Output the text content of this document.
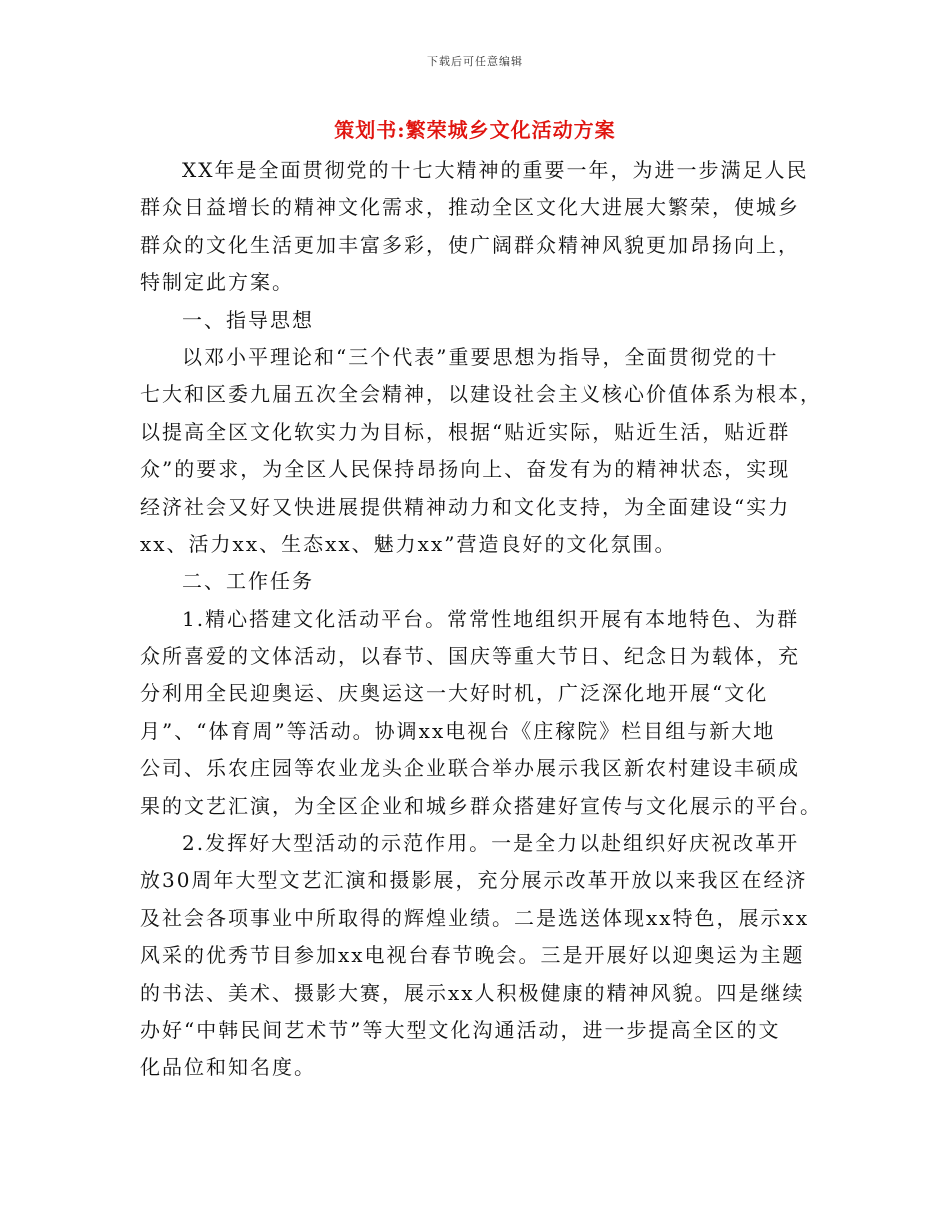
下载后可任意编辑
策划书:繁荣城乡文化活动方案
XX年是全面贯彻党的十七大精神的重要一年，为进一步满足人民
群众日益增长的精神文化需求，推动全区文化大进展大繁荣，使城乡
群众的文化生活更加丰富多彩，使广阔群众精神风貌更加昂扬向上，
特制定此方案。
一、指导思想
以邓小平理论和“三个代表”重要思想为指导，全面贯彻党的十
七大和区委九届五次全会精神，以建设社会主义核心价值体系为根本，
以提高全区文化软实力为目标，根据“贴近实际，贴近生活，贴近群
众”的要求，为全区人民保持昂扬向上、奋发有为的精神状态，实现
经济社会又好又快进展提供精神动力和文化支持，为全面建设“实力
xx、活力xx、生态xx、魅力xx”营造良好的文化氛围。
二、工作任务
1.精心搭建文化活动平台。常常性地组织开展有本地特色、为群
众所喜爱的文体活动，以春节、国庆等重大节日、纪念日为载体，充
分利用全民迎奥运、庆奥运这一大好时机，广泛深化地开展“文化
月”、“体育周”等活动。协调xx电视台《庄稼院》栏目组与新大地
公司、乐农庄园等农业龙头企业联合举办展示我区新农村建设丰硕成
果的文艺汇演，为全区企业和城乡群众搭建好宣传与文化展示的平台。
2.发挥好大型活动的示范作用。一是全力以赴组织好庆祝改革开
放30周年大型文艺汇演和摄影展，充分展示改革开放以来我区在经济
及社会各项事业中所取得的辉煌业绩。二是选送体现xx特色，展示xx
风采的优秀节目参加xx电视台春节晚会。三是开展好以迎奥运为主题
的书法、美术、摄影大赛，展示xx人积极健康的精神风貌。四是继续
办好“中韩民间艺术节”等大型文化沟通活动，进一步提高全区的文
化品位和知名度。
